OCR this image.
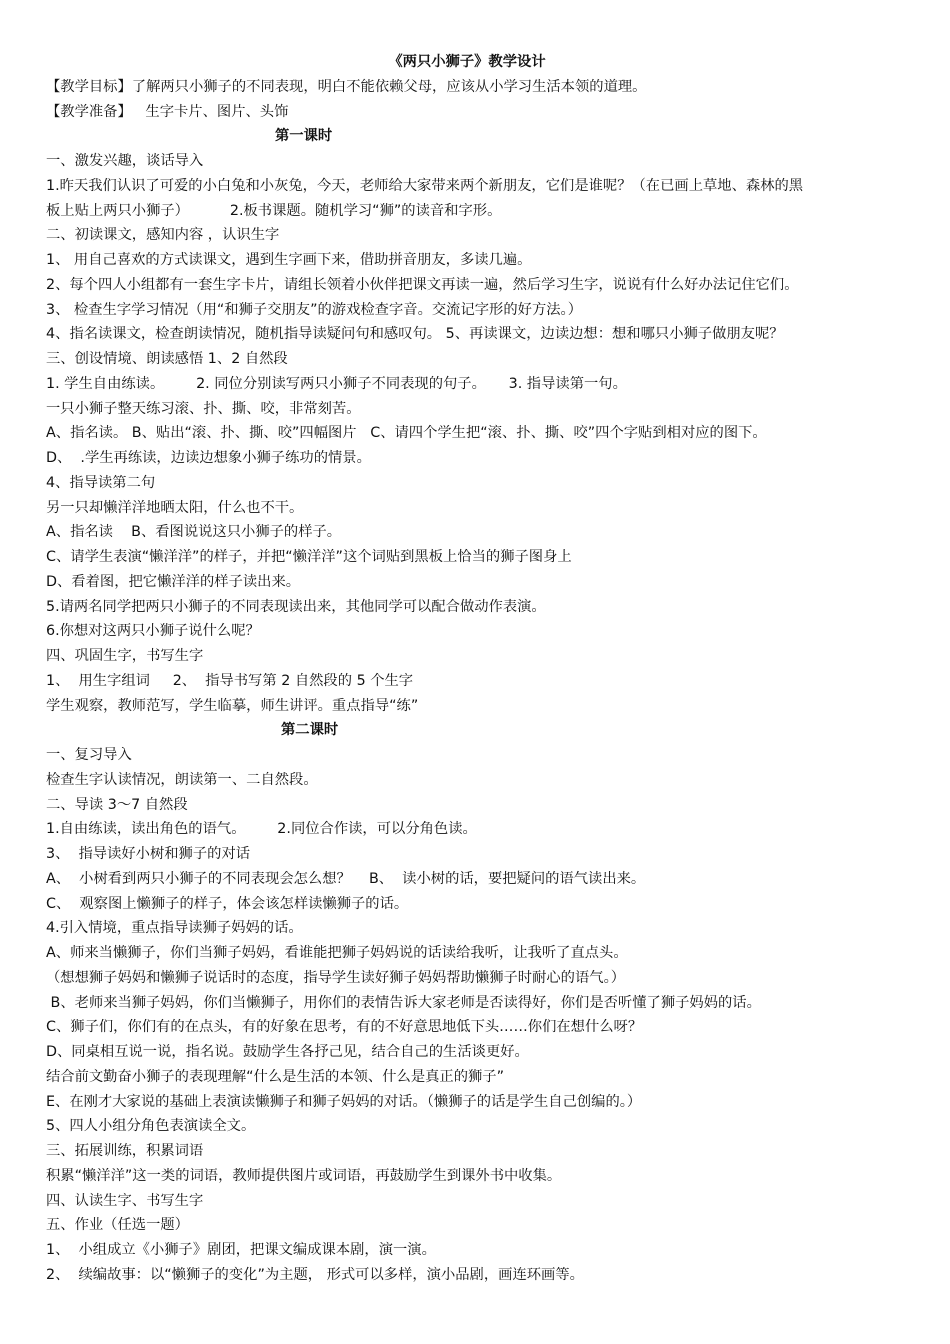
《两只小狮子》教学设计
【教学目标】了解两只小狮子的不同表现，明白不能依赖父母，应该从小学习生活本领的道理。
【教学准备】   生字卡片、图片、头饰
第一课时
一、激发兴趣，谈话导入
1.昨天我们认识了可爱的小白兔和小灰兔，今天，老师给大家带来两个新朋友，它们是谁呢？（在已画上草地、森林的黑
板上贴上两只小狮子）         2.板书课题。随机学习“狮”的读音和字形。
二、初读课文，感知内容 ，认识生字
1、 用自己喜欢的方式读课文，遇到生字画下来，借助拼音朋友，多读几遍。
2、每个四人小组都有一套生字卡片，请组长领着小伙伴把课文再读一遍，然后学习生字，说说有什么好办法记住它们。
3、 检查生字学习情况（用“和狮子交朋友”的游戏检查字音。交流记字形的好方法。）
4、指名读课文，检查朗读情况，随机指导读疑问句和感叹句。 5、再读课文，边读边想：想和哪只小狮子做朋友呢？
三、创设情境、朗读感悟 1、2 自然段
1. 学生自由练读。       2. 同位分别读写两只小狮子不同表现的句子。     3. 指导读第一句。
一只小狮子整天练习滚、扑、撕、咬，非常刻苦。
A、指名读。 B、贴出“滚、扑、撕、咬”四幅图片   C、请四个学生把“滚、扑、撕、咬”四个字贴到相对应的图下。
D、  .学生再练读，边读边想象小狮子练功的情景。
4、指导读第二句
另一只却懒洋洋地晒太阳，什么也不干。
A、指名读    B、看图说说这只小狮子的样子。
C、请学生表演“懒洋洋”的样子，并把“懒洋洋”这个词贴到黑板上恰当的狮子图身上
D、看着图，把它懒洋洋的样子读出来。
5.请两名同学把两只小狮子的不同表现读出来，其他同学可以配合做动作表演。
6.你想对这两只小狮子说什么呢？
四、巩固生字，书写生字
1、  用生字组词     2、  指导书写第 2 自然段的 5 个生字
学生观察，教师范写，学生临摹，师生讲评。重点指导“练”
第二课时
一、复习导入
检查生字认读情况，朗读第一、二自然段。
二、导读 3～7 自然段
1.自由练读，读出角色的语气。       2.同位合作读，可以分角色读。
3、  指导读好小树和狮子的对话
A、  小树看到两只小狮子的不同表现会怎么想？    B、  读小树的话，要把疑问的语气读出来。
C、  观察图上懒狮子的样子，体会该怎样读懒狮子的话。
4.引入情境，重点指导读狮子妈妈的话。
A、师来当懒狮子，你们当狮子妈妈，看谁能把狮子妈妈说的话读给我听，让我听了直点头。
（想想狮子妈妈和懒狮子说话时的态度，指导学生读好狮子妈妈帮助懒狮子时耐心的语气。）
B、老师来当狮子妈妈，你们当懒狮子，用你们的表情告诉大家老师是否读得好，你们是否听懂了狮子妈妈的话。
C、狮子们，你们有的在点头，有的好象在思考，有的不好意思地低下头……你们在想什么呀？
D、同桌相互说一说，指名说。鼓励学生各抒己见，结合自己的生活谈更好。
结合前文勤奋小狮子的表现理解“什么是生活的本领、什么是真正的狮子”
E、在刚才大家说的基础上表演读懒狮子和狮子妈妈的对话。（懒狮子的话是学生自己创编的。）
5、四人小组分角色表演读全文。
三、拓展训练，积累词语
积累“懒洋洋”这一类的词语，教师提供图片或词语，再鼓励学生到课外书中收集。
四、认读生字、书写生字
五、作业（任选一题）
1、  小组成立《小狮子》剧团，把课文编成课本剧，演一演。
2、  续编故事：以“懒狮子的变化”为主题， 形式可以多样，演小品剧，画连环画等。
